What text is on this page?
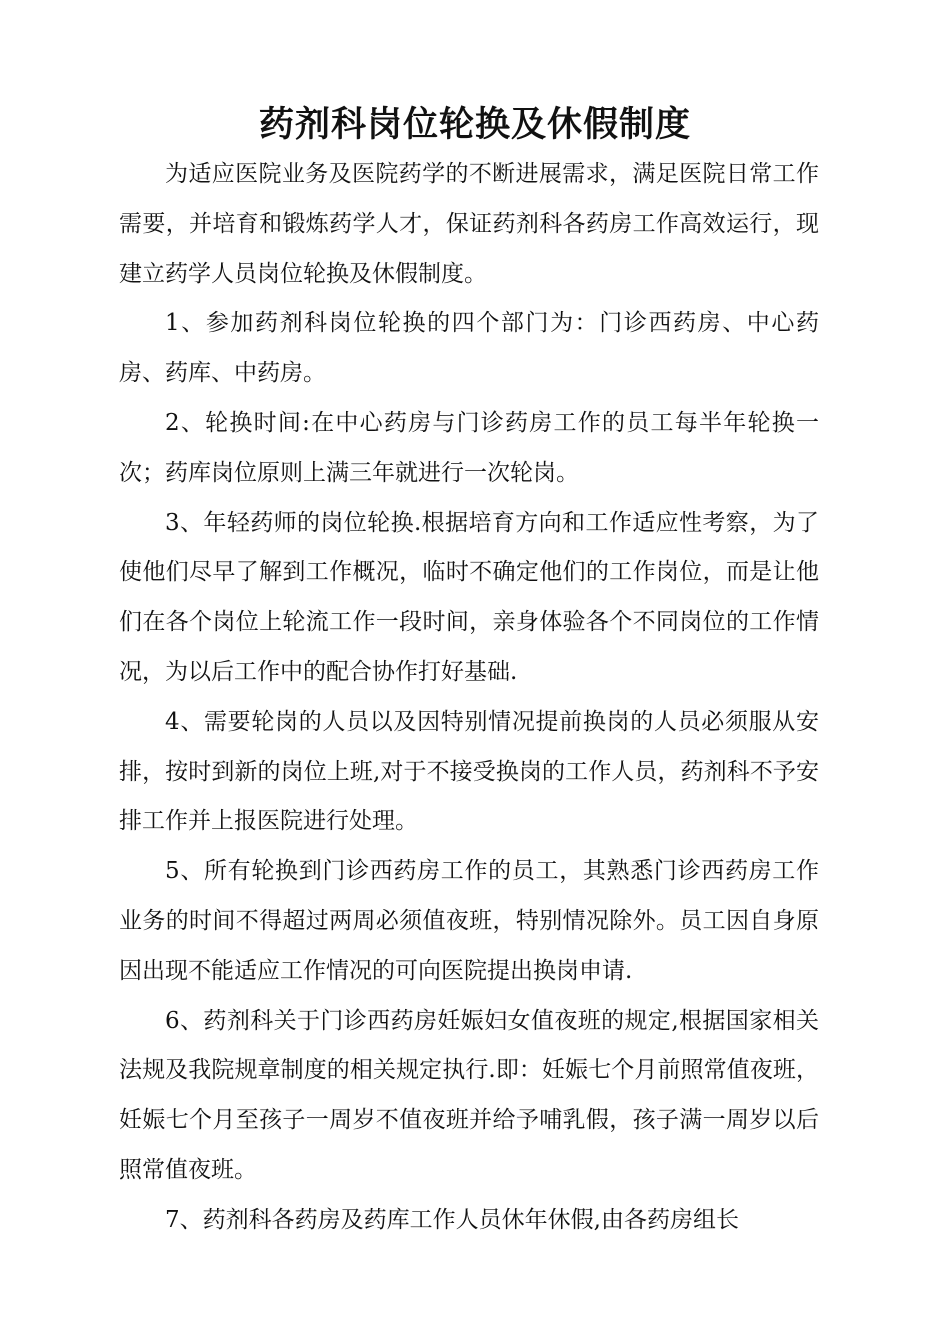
药剂科岗位轮换及休假制度

为适应医院业务及医院药学的不断进展需求，满足医院日常工作需要，并培育和锻炼药学人才，保证药剂科各药房工作高效运行，现建立药学人员岗位轮换及休假制度。

1、参加药剂科岗位轮换的四个部门为：门诊西药房、中心药房、药库、中药房。

2、轮换时间:在中心药房与门诊药房工作的员工每半年轮换一次；药库岗位原则上满三年就进行一次轮岗。

3、年轻药师的岗位轮换.根据培育方向和工作适应性考察，为了使他们尽早了解到工作概况，临时不确定他们的工作岗位，而是让他们在各个岗位上轮流工作一段时间，亲身体验各个不同岗位的工作情况，为以后工作中的配合协作打好基础.

4、需要轮岗的人员以及因特别情况提前换岗的人员必须服从安排，按时到新的岗位上班,对于不接受换岗的工作人员，药剂科不予安排工作并上报医院进行处理。

5、所有轮换到门诊西药房工作的员工，其熟悉门诊西药房工作业务的时间不得超过两周必须值夜班，特别情况除外。员工因自身原因出现不能适应工作情况的可向医院提出换岗申请.

6、药剂科关于门诊西药房妊娠妇女值夜班的规定,根据国家相关法规及我院规章制度的相关规定执行.即：妊娠七个月前照常值夜班，妊娠七个月至孩子一周岁不值夜班并给予哺乳假，孩子满一周岁以后照常值夜班。

7、药剂科各药房及药库工作人员休年休假,由各药房组长
